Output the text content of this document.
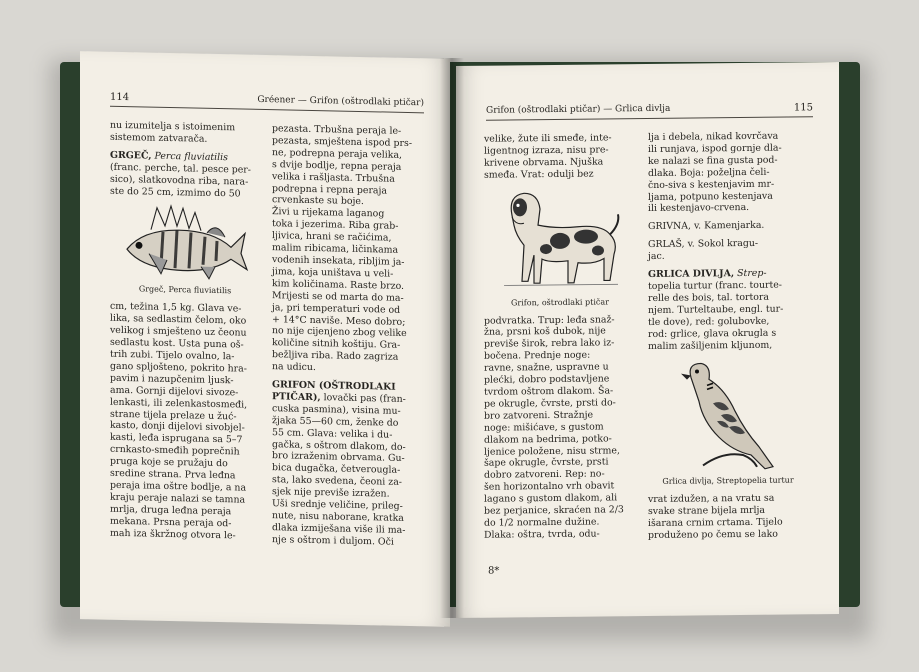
114	Gréener — Grifon (oštrodlaki ptičar)

nu izumitelja s istoimenim

sistemom zatvarača.

GRGEČ, Perca fluviatilis

(franc. perche, tal. pesce per-

sico), slatkovodna riba, nara-

ste do 25 cm, izmimo do 50

Grgeč, Perca fluviatilis

cm, težina 1,5 kg. Glava ve-

lika, sa sedlastim čelom, oko

velikog i smješteno uz čeonu

sedlastu kost. Usta puna oš-

trih zubi. Tijelo ovalno, la-

gano spljošteno, pokrito hra-

pavim i nazupčenim ljusk-

ama. Gornji dijelovi sivoze-

lenkasti, ili zelenkastosmeđi,

strane tijela prelaze u žuć-

kasto, donji dijelovi sivobjel-

kasti, leđa isprugana sa 5–7

crnkasto-smeđih poprečnih

pruga koje se pružaju do

sredine strana. Prva leđna

peraja ima oštre bodlje, a na

kraju peraje nalazi se tamna

mrlja, druga leđna peraja

mekana. Prsna peraja od-

mah iza škržnog otvora le-

pezasta. Trbušna peraja le-

pezasta, smještena ispod prs-

ne, podrepna peraja velika,

s dvije bodlje, repna peraja

velika i rašljasta. Trbušna

podrepna i repna peraja

crvenkaste su boje.

Živi u rijekama laganog

toka i jezerima. Riba grab-

ljivica, hrani se račićima,

malim ribicama, ličinkama

vodenih insekata, ribljim ja-

jima, koja uništava u veli-

kim količinama. Raste brzo.

Mrijesti se od marta do ma-

ja, pri temperaturi vode od

+ 14°C naviše. Meso dobro;

no nije cijenjeno zbog velike

količine sitnih koštiju. Gra-

bežljiva riba. Rado zagriza

na udicu.

GRIFON (OŠTRODLAKI

PTIČAR), lovački pas (fran-

cuska pasmina), visina mu-

žjaka 55—60 cm, ženke do

55 cm. Glava: velika i du-

gačka, s oštrom dlakom, do-

bro izraženim obrvama. Gu-

bica dugačka, četverougla-

sta, lako svedena, čeoni za-

sjek nije previše izražen.

Uši srednje veličine, prileg-

nute, nisu naborane, kratka

dlaka izmiješana više ili ma-

nje s oštrom i duljom. Oči

Grifon (oštrodlaki ptičar) — Grlica divlja	115

velike, žute ili smeđe, inte-

ligentnog izraza, nisu pre-

krivene obrvama. Njuška

smeđa. Vrat: odulji bez

Grifon, oštrodlaki ptičar

podvratka. Trup: leđa snaž-

žna, prsni koš dubok, nije

previše širok, rebra lako iz-

bočena. Prednje noge:

ravne, snažne, uspravne u

plećki, dobro podstavljene

tvrdom oštrom dlakom. Ša-

pe okrugle, čvrste, prsti do-

bro zatvoreni. Stražnje

noge: mišićave, s gustom

dlakom na bedrima, potko-

ljenice položene, nisu strme,

šape okrugle, čvrste, prsti

dobro zatvoreni. Rep: no-

šen horizontalno vrh obavit

lagano s gustom dlakom, ali

bez perjanice, skraćen na 2/3

do 1/2 normalne dužine.

Dlaka: oštra, tvrda, odu-

8*

lja i debela, nikad kovrčava

ili runjava, ispod gornje dla-

ke nalazi se fina gusta pod-

dlaka. Boja: poželjna čeli-

čno-siva s kestenjavim mr-

ljama, potpuno kestenjava

ili kestenjavo-crvena.

GRIVNA, v. Kamenjarka.

GRLAŠ, v. Sokol kragu-

jac.

GRLICA DIVLJA, Strep-

topelia turtur (franc. tourte-

relle des bois, tal. tortora

njem. Turteltaube, engl. tur-

tle dove), red: golubovke,

rod: grlice, glava okrugla s

malim zašiljenim kljunom,

Grlica divlja, Streptopelia turtur

vrat izdužen, a na vratu sa

svake strane bijela mrlja

išarana crnim crtama. Tijelo

produženo po čemu se lako
